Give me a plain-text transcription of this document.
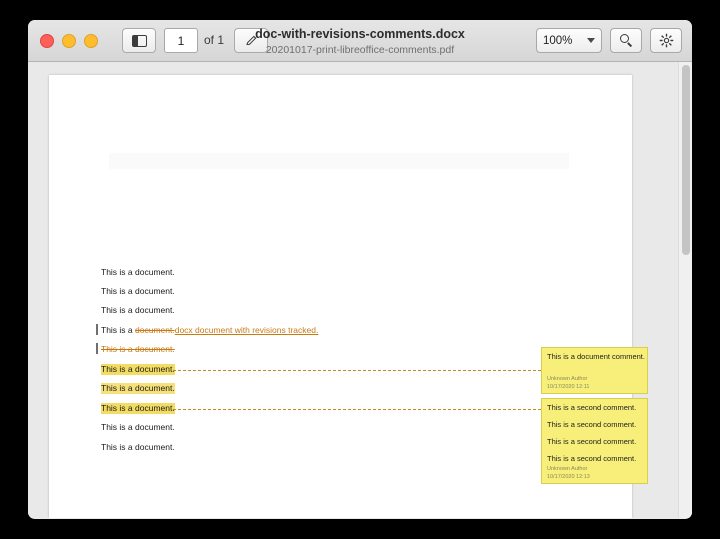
1
of 1	doc-with-revisions-comments.docx
20201017-print-libreoffice-comments.pdf
100%
This is a document.
This is a document.
This is a document.
This is a document.docx document with revisions tracked.
This is a document.
This is a document.
This is a document.
This is a document.
This is a document.
This is a document.
This is a document comment.
Unknown Author
10/17/2020 12:11
This is a second comment.
This is a second comment.
This is a second comment.
This is a second comment.
Unknown Author
10/17/2020 12:13
